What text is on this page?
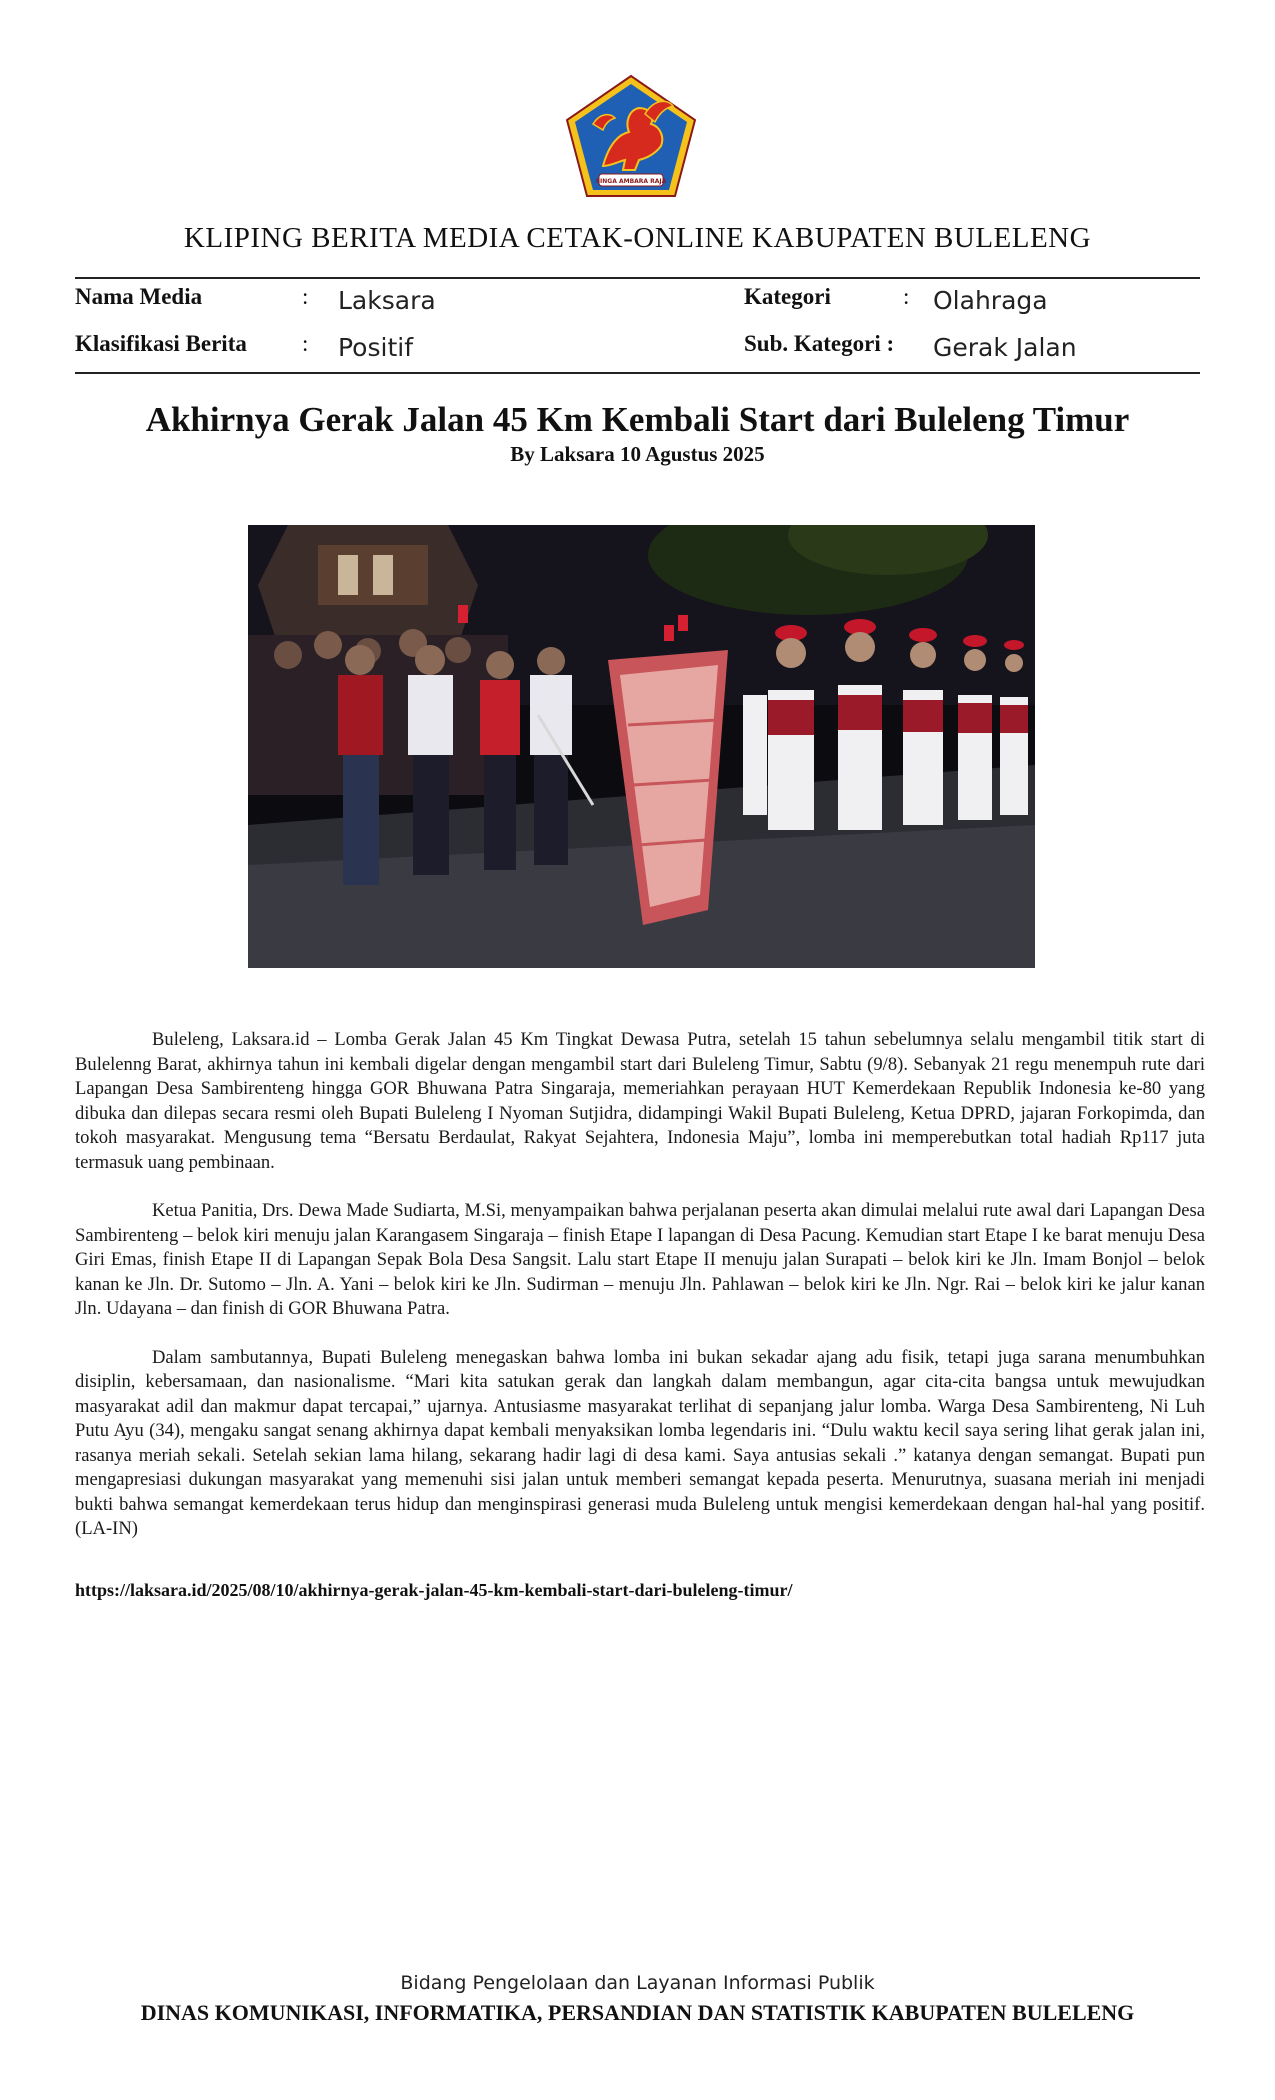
SINGA AMBARA RAJA
KLIPING BERITA MEDIA CETAK-ONLINE KABUPATEN BULELENG
Nama Media	: Laksara	Kategori	: Olahraga
Klasifikasi Berita : Positif	Sub. Kategori : Gerak Jalan
Akhirnya Gerak Jalan 45 Km Kembali Start dari Buleleng Timur
By Laksara 10 Agustus 2025

Buleleng, Laksara.id – Lomba Gerak Jalan 45 Km Tingkat Dewasa Putra, setelah 15 tahun sebelumnya selalu mengambil titik start di Bulelenng Barat, akhirnya tahun ini kembali digelar dengan mengambil start dari Buleleng Timur, Sabtu (9/8). Sebanyak 21 regu menempuh rute dari Lapangan Desa Sambirenteng hingga GOR Bhuwana Patra Singaraja, memeriahkan perayaan HUT Kemerdekaan Republik Indonesia ke-80 yang dibuka dan dilepas secara resmi oleh Bupati Buleleng I Nyoman Sutjidra, didampingi Wakil Bupati Buleleng, Ketua DPRD, jajaran Forkopimda, dan tokoh masyarakat. Mengusung tema “Bersatu Berdaulat, Rakyat Sejahtera, Indonesia Maju”, lomba ini memperebutkan total hadiah Rp117 juta termasuk uang pembinaan.

Ketua Panitia, Drs. Dewa Made Sudiarta, M.Si, menyampaikan bahwa perjalanan peserta akan dimulai melalui rute awal dari Lapangan Desa Sambirenteng – belok kiri menuju jalan Karangasem Singaraja – finish Etape I lapangan di Desa Pacung. Kemudian start Etape I ke barat menuju Desa Giri Emas, finish Etape II di Lapangan Sepak Bola Desa Sangsit. Lalu start Etape II menuju jalan Surapati – belok kiri ke Jln. Imam Bonjol – belok kanan ke Jln. Dr. Sutomo – Jln. A. Yani – belok kiri ke Jln. Sudirman – menuju Jln. Pahlawan – belok kiri ke Jln. Ngr. Rai – belok kiri ke jalur kanan Jln. Udayana – dan finish di GOR Bhuwana Patra.

Dalam sambutannya, Bupati Buleleng menegaskan bahwa lomba ini bukan sekadar ajang adu fisik, tetapi juga sarana menumbuhkan disiplin, kebersamaan, dan nasionalisme. “Mari kita satukan gerak dan langkah dalam membangun, agar cita-cita bangsa untuk mewujudkan masyarakat adil dan makmur dapat tercapai,” ujarnya. Antusiasme masyarakat terlihat di sepanjang jalur lomba. Warga Desa Sambirenteng, Ni Luh Putu Ayu (34), mengaku sangat senang akhirnya dapat kembali menyaksikan lomba legendaris ini. “Dulu waktu kecil saya sering lihat gerak jalan ini, rasanya meriah sekali. Setelah sekian lama hilang, sekarang hadir lagi di desa kami. Saya antusias sekali .” katanya dengan semangat. Bupati pun mengapresiasi dukungan masyarakat yang memenuhi sisi jalan untuk memberi semangat kepada peserta. Menurutnya, suasana meriah ini menjadi bukti bahwa semangat kemerdekaan terus hidup dan menginspirasi generasi muda Buleleng untuk mengisi kemerdekaan dengan hal-hal yang positif. (LA-IN)

https://laksara.id/2025/08/10/akhirnya-gerak-jalan-45-km-kembali-start-dari-buleleng-timur/
Bidang Pengelolaan dan Layanan Informasi Publik
DINAS KOMUNIKASI, INFORMATIKA, PERSANDIAN DAN STATISTIK KABUPATEN BULELENG
